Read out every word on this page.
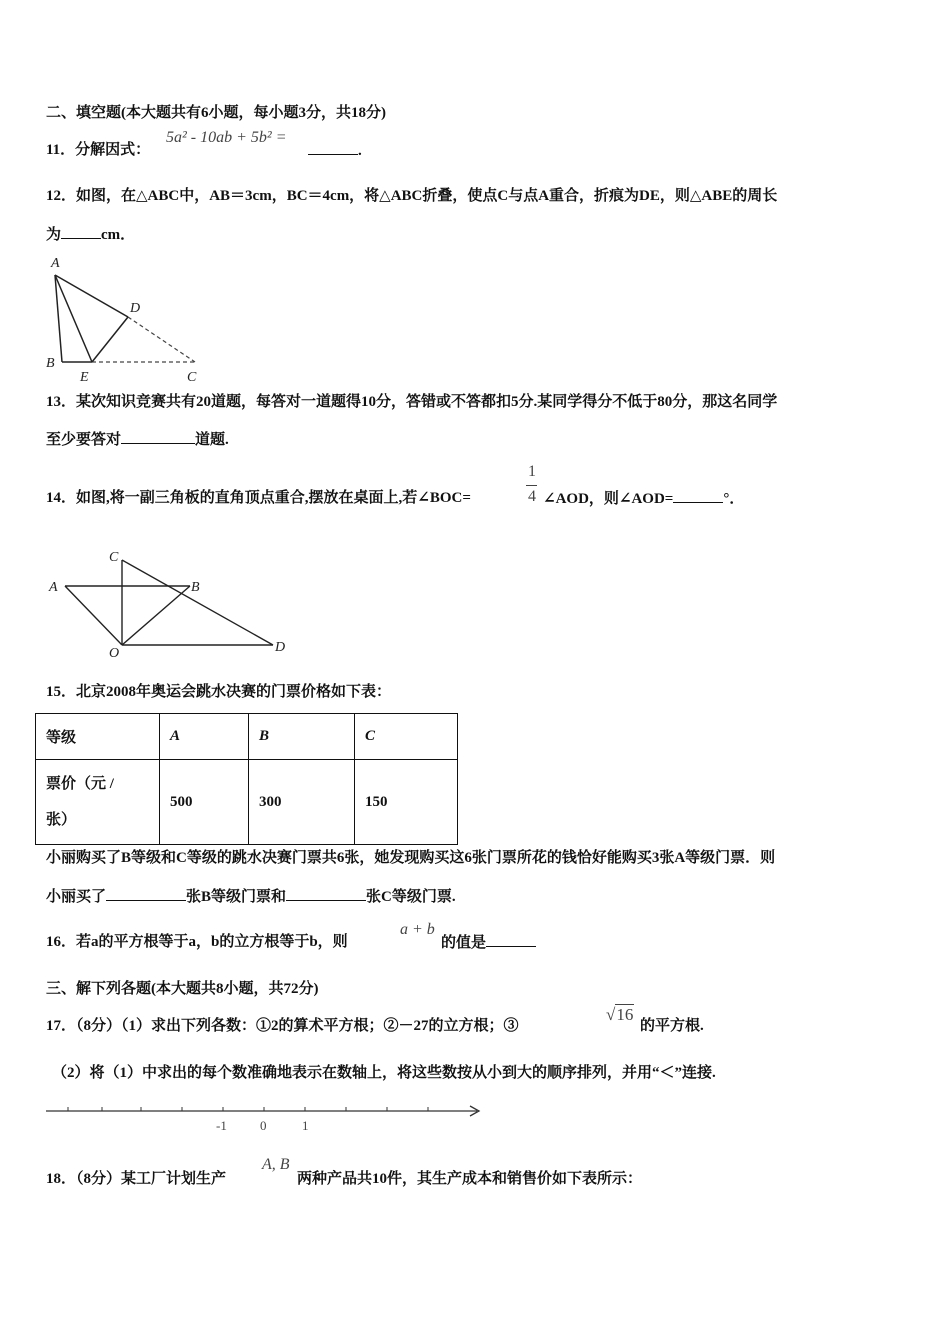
二、填空题(本大题共有6小题，每小题3分，共18分)
11．分解因式：
5a² - 10ab + 5b² =
.
12．如图，在△ABC中，AB＝3cm，BC＝4cm，将△ABC折叠，使点C与点A重合，折痕为DE，则△ABE的周长
为	cm．
A
B
E
D
C
13．某次知识竞赛共有20道题，每答对一道题得10分，答错或不答都扣5分.某同学得分不低于80分，那这名同学
至少要答对	道题.
14．如图,将一副三角板的直角顶点重合,摆放在桌面上,若∠BOC=
1
4 ∠AOD，则∠AOD=	°．
A
C
B
O	D
15．北京2008年奥运会跳水决赛的门票价格如下表：
等级	A	B	C
票价（元 /
张）	500	300	150
小丽购买了B等级和C等级的跳水决赛门票共6张，她发现购买这6张门票所花的钱恰好能购买3张A等级门票．则
小丽买了	张B等级门票和	张C等级门票.
16．若a的平方根等于a，b的立方根等于b，则
a + b
的值是
三、解下列各题(本大题共8小题，共72分)
17．（8分）（1）求出下列各数：①2的算术平方根；②－27的立方根；③
√16
的平方根.
（2）将（1）中求出的每个数准确地表示在数轴上，将这些数按从小到大的顺序排列，并用“＜”连接.
-1	0	1
18．（8分）某工厂计划生产
A, B
两种产品共10件，其生产成本和销售价如下表所示：
